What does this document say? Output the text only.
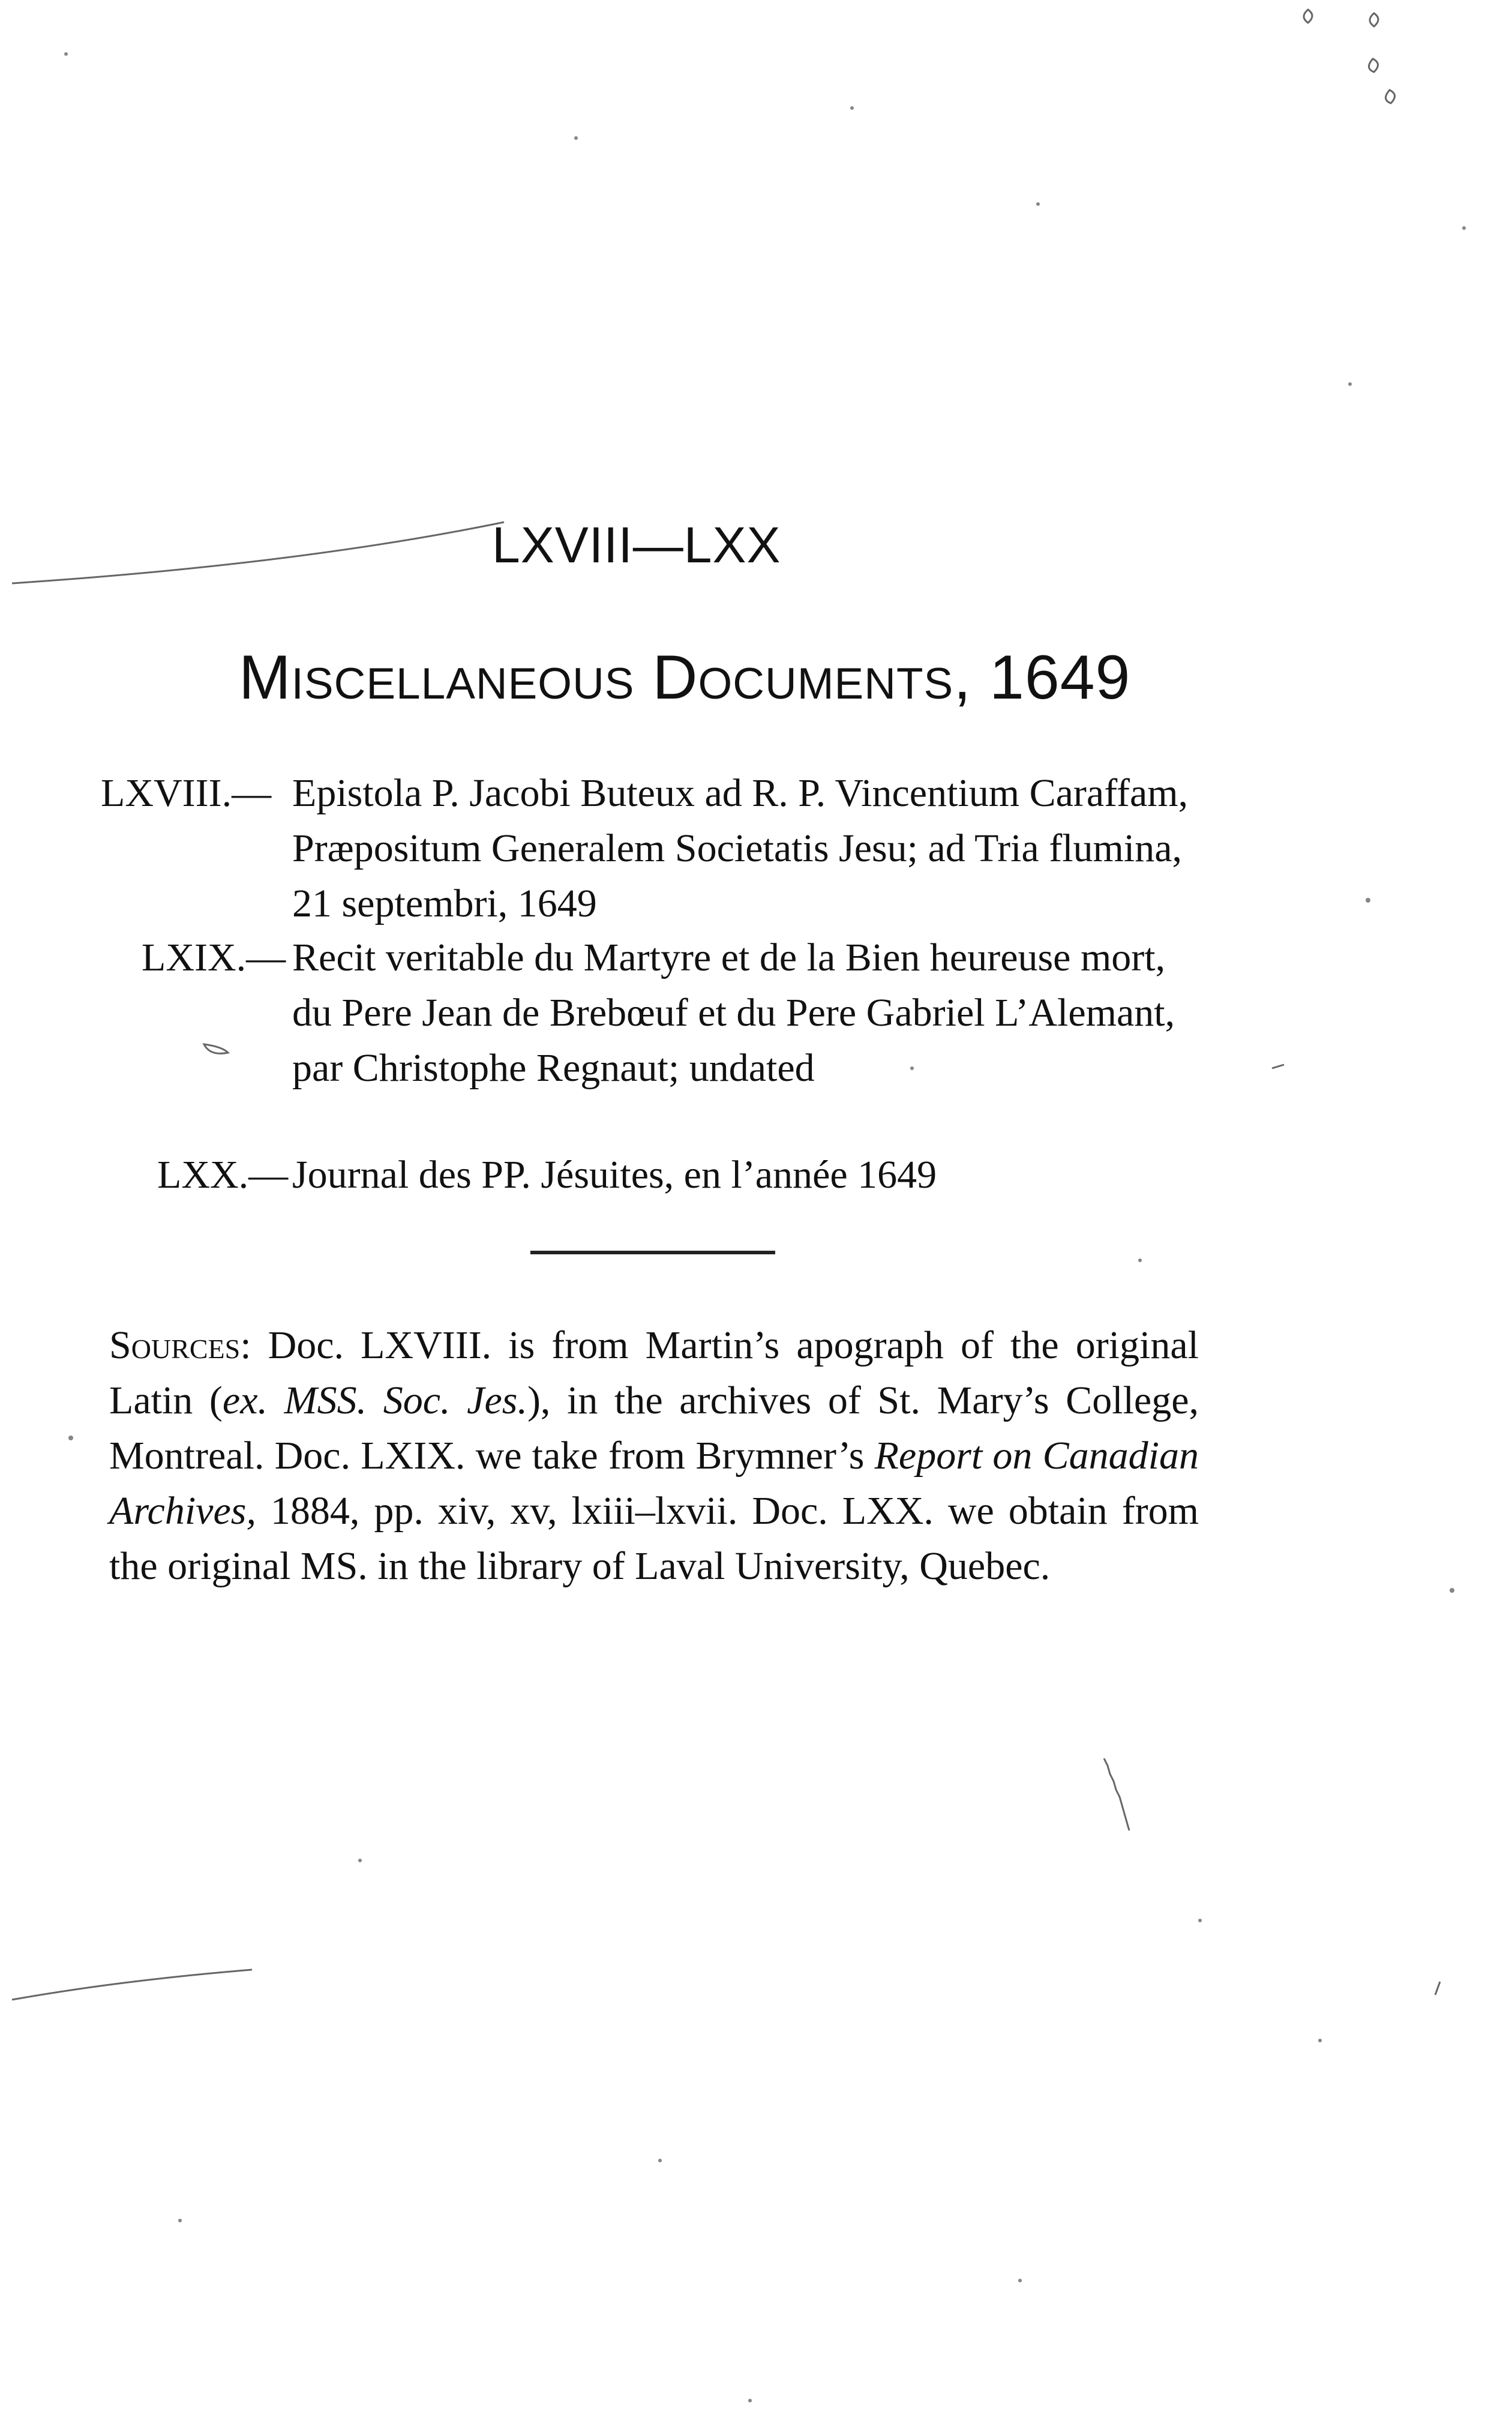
LXVIII—LXX
Miscellaneous Documents, 1649
LXVIII.— Epistola P. Jacobi Buteux ad R. P. Vincentium Caraffam, Præpositum Generalem Societatis Jesu; ad Tria flumina, 21 septembri, 1649
LXIX.— Recit veritable du Martyre et de la Bien heureuse mort, du Pere Jean de Brebœuf et du Pere Gabriel L’Alemant, par Christophe Regnaut; undated
LXX.— Journal des PP. Jésuites, en l’année 1649
Sources: Doc. LXVIII. is from Martin’s apograph of the original Latin (ex. MSS. Soc. Jes.), in the archives of St. Mary’s College, Montreal. Doc. LXIX. we take from Brymner’s Report on Canadian Archives, 1884, pp. xiv, xv, lxiii–lxvii. Doc. LXX. we obtain from the original MS. in the library of Laval University, Quebec.
